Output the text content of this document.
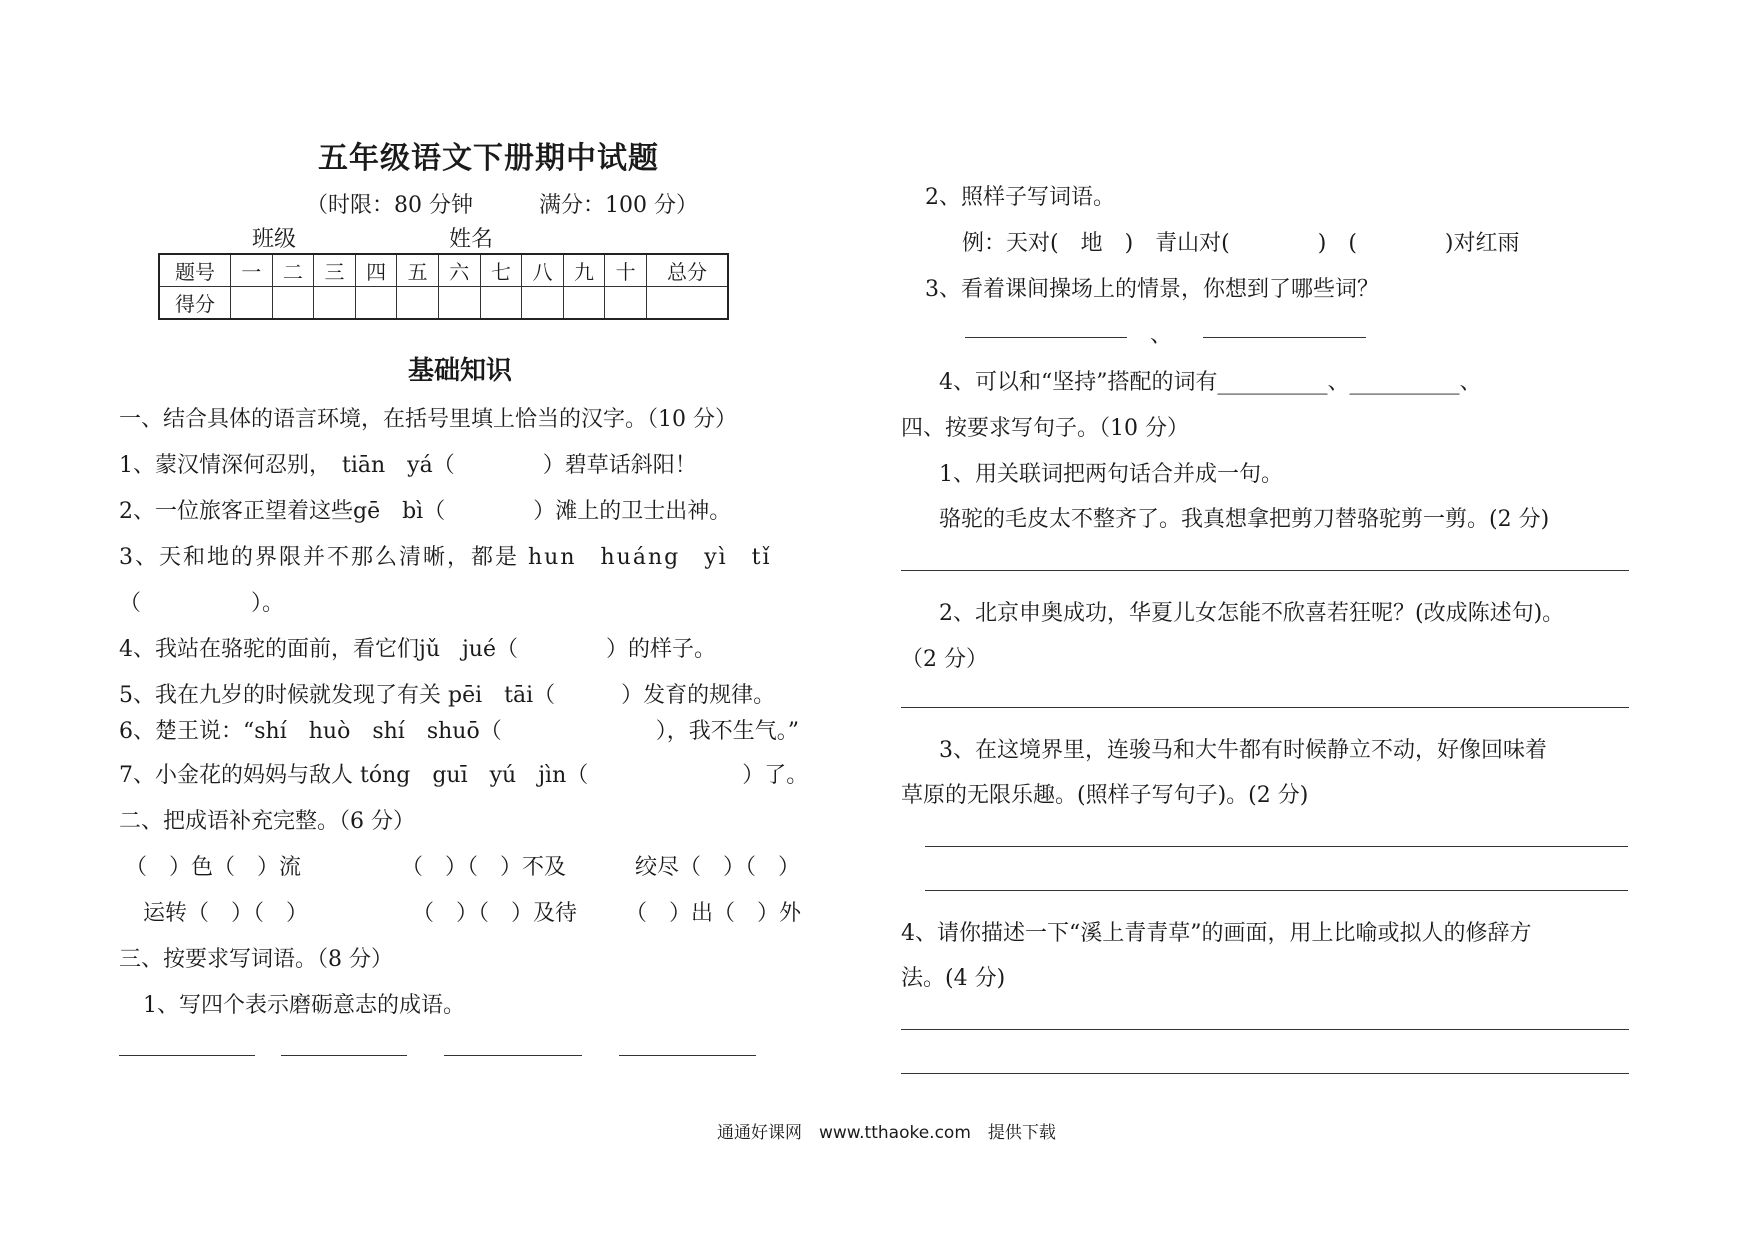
五年级语文下册期中试题
（时限：80 分钟　　　满分：100 分）
班级	姓名
题号	一	二	三	四	五	六	七	八	九	十	总分
得分											
基础知识
一、结合具体的语言环境，在括号里填上恰当的汉字。（10 分）
1、蒙汉情深何忍别，　tiān　yá（　　　　）碧草话斜阳！
2、一位旅客正望着这些gē　bì（　　　　）滩上的卫士出神。
3、天和地的界限并不那么清晰，都是 hun　huáng　yì　tǐ
（　　　　　）。
4、我站在骆驼的面前，看它们jǔ　jué（　　　　）的样子。
5、我在九岁的时候就发现了有关 pēi　tāi（　　　）发育的规律。
6、楚王说：“shí　huò　shí　shuō（　　　　　　　），我不生气。”
7、小金花的妈妈与敌人 tóng　guī　yú　jìn（　　　　　　　）了。
二、把成语补充完整。（6 分）
（　）色（　）流	（　）（　）不及	绞尽（　）（　）
运转（　）（　）	（　）（　）及待 （　）出（　）外
三、按要求写词语。（8 分）
1、写四个表示磨砺意志的成语。
2、照样子写词语。
例：天对(　地　)　青山对(　　　　)　(　　　　)对红雨
3、看着课间操场上的情景，你想到了哪些词？
、
4、可以和“坚持”搭配的词有__________、__________、
四、按要求写句子。（10 分）
1、用关联词把两句话合并成一句。
骆驼的毛皮太不整齐了。我真想拿把剪刀替骆驼剪一剪。(2 分)
2、北京申奥成功，华夏儿女怎能不欣喜若狂呢？(改成陈述句)。
（2 分）
3、在这境界里，连骏马和大牛都有时候静立不动，好像回味着
草原的无限乐趣。(照样子写句子)。(2 分)
4、请你描述一下“溪上青青草”的画面，用上比喻或拟人的修辞方
法。(4 分)
通通好课网　www.tthaoke.com　提供下载
